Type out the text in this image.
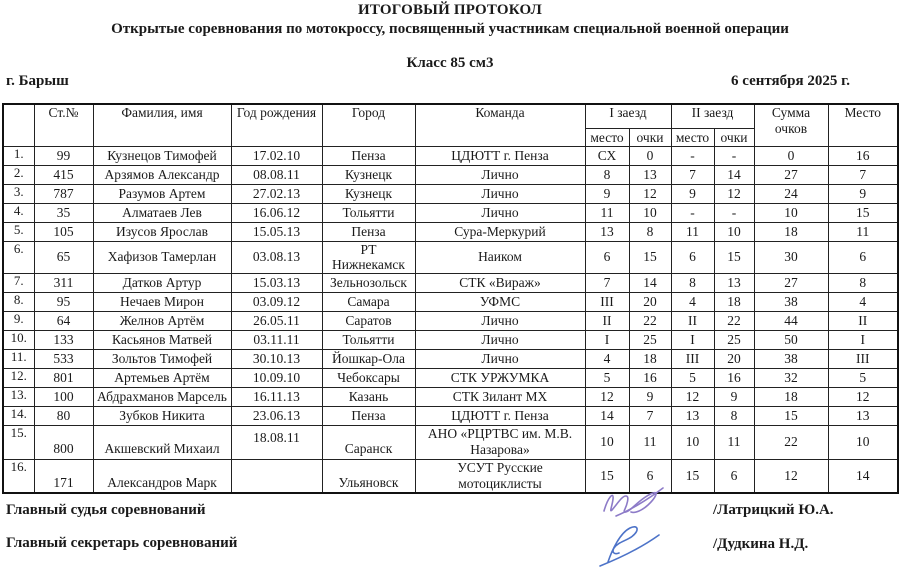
ИТОГОВЫЙ ПРОТОКОЛ
Открытые соревнования по мотокроссу, посвященный участникам специальной военной операции
Класс 85 см3
г. Барыш	6 сентября 2025 г.
	Ст.№	Фамилия, имя	Год рождения	Город	Команда	I заезд		II заезд		Сумма очков	Место
						место	очки	место	очки		
1.	99	Кузнецов Тимофей	17.02.10	Пенза	ЦДЮТТ г. Пенза	СХ	0	-	-	0	16
2.	415	Арзямов Александр	08.08.11	Кузнецк	Лично	8	13	7	14	27	7
3.	787	Разумов Артем	27.02.13	Кузнецк	Лично	9	12	9	12	24	9
4.	35	Алматаев Лев	16.06.12	Тольятти	Лично	11	10	-	-	10	15
5.	105	Изусов Ярослав	15.05.13	Пенза	Сура-Меркурий	13	8	11	10	18	11
6.	65	Хафизов Тамерлан	03.08.13	РТ Нижнекамск	Наиком	6	15	6	15	30	6
7.	311	Датков Артур	15.03.13	Зельнозольск	СТК «Вираж»	7	14	8	13	27	8
8.	95	Нечаев Мирон	03.09.12	Самара	УФМС	III	20	4	18	38	4
9.	64	Желнов Артём	26.05.11	Саратов	Лично	II	22	II	22	44	II
10.	133	Касьянов Матвей	03.11.11	Тольятти	Лично	I	25	I	25	50	I
11.	533	Зольтов Тимофей	30.10.13	Йошкар-Ола	Лично	4	18	III	20	38	III
12.	801	Артемьев Артём	10.09.10	Чебоксары	СТК УРЖУМКА	5	16	5	16	32	5
13.	100	Абдрахманов Марсель	16.11.13	Казань	СТК Зилант МХ	12	9	12	9	18	12
14.	80	Зубков Никита	23.06.13	Пенза	ЦДЮТТ г. Пенза	14	7	13	8	15	13
15.	800	Акшевский Михаил	18.08.11	Саранск	АНО «РЦРТВС им. М.В. Назарова»	10	11	10	11	22	10
16.	171	Александров Марк		Ульяновск	УСУТ Русские мотоциклисты	15	6	15	6	12	14
Главный судья соревнований	/Латрицкий Ю.А.
Главный секретарь соревнований	/Дудкина Н.Д.
